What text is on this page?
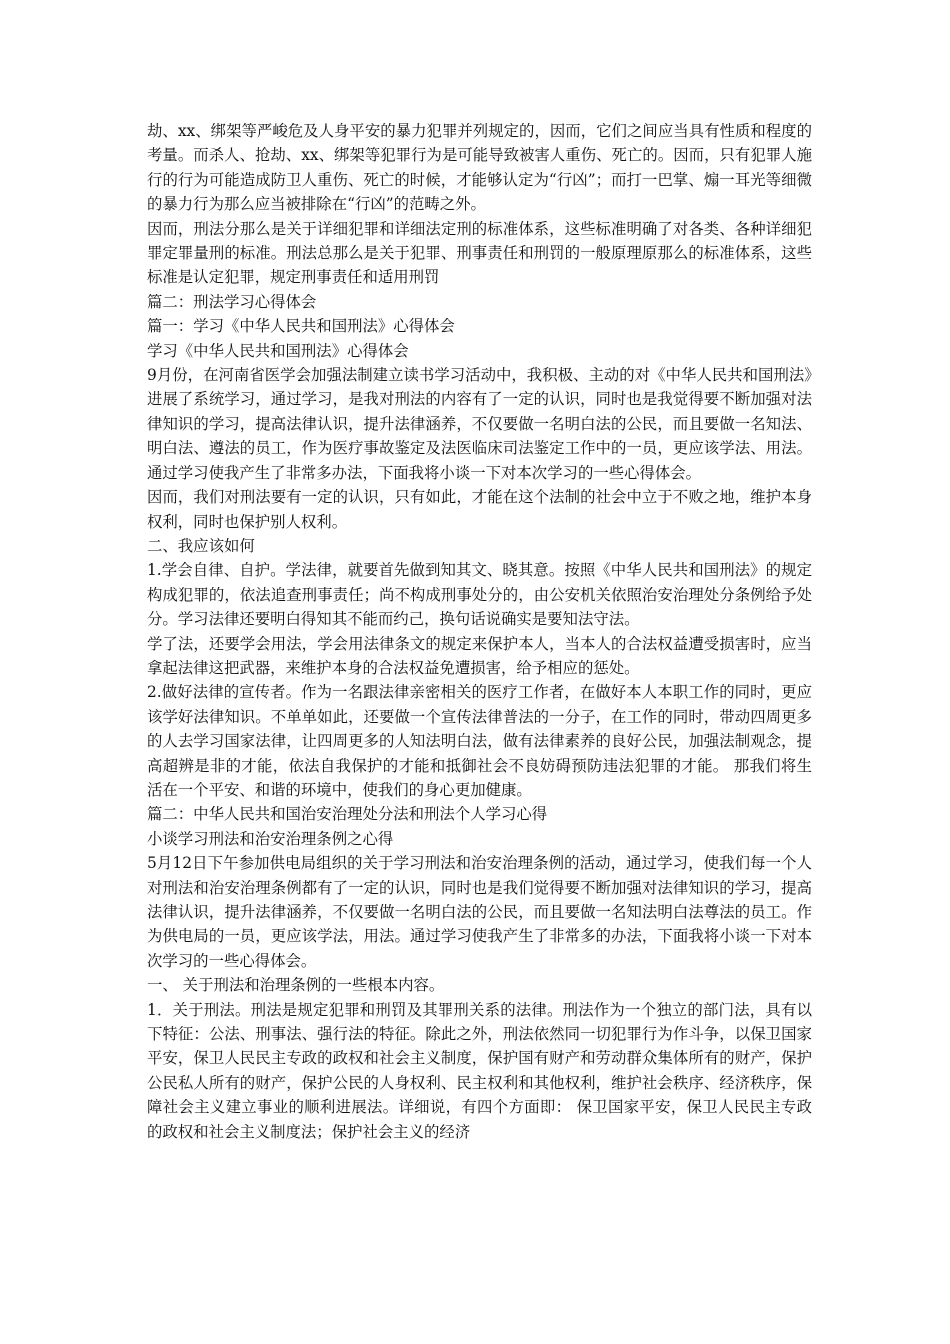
劫、xx、绑架等严峻危及人身平安的暴力犯罪并列规定的，因而，它们之间应当具有性质和程度的考量。而杀人、抢劫、xx、绑架等犯罪行为是可能导致被害人重伤、死亡的。因而，只有犯罪人施行的行为可能造成防卫人重伤、死亡的时候，才能够认定为“行凶”；而打一巴掌、煽一耳光等细微的暴力行为那么应当被排除在“行凶”的范畴之外。

因而，刑法分那么是关于详细犯罪和详细法定刑的标准体系，这些标准明确了对各类、各种详细犯罪定罪量刑的标准。刑法总那么是关于犯罪、刑事责任和刑罚的一般原理原那么的标准体系，这些标准是认定犯罪，规定刑事责任和适用刑罚

篇二：刑法学习心得体会

篇一：学习《中华人民共和国刑法》心得体会

学习《中华人民共和国刑法》心得体会

9月份，在河南省医学会加强法制建立读书学习活动中，我积极、主动的对《中华人民共和国刑法》进展了系统学习，通过学习，是我对刑法的内容有了一定的认识，同时也是我觉得要不断加强对法律知识的学习，提高法律认识，提升法律涵养，不仅要做一名明白法的公民，而且要做一名知法、明白法、遵法的员工，作为医疗事故鉴定及法医临床司法鉴定工作中的一员，更应该学法、用法。通过学习使我产生了非常多办法，下面我将小谈一下对本次学习的一些心得体会。

因而，我们对刑法要有一定的认识，只有如此，才能在这个法制的社会中立于不败之地，维护本身权利，同时也保护别人权利。

二、我应该如何

1.学会自律、自护。学法律，就要首先做到知其文、晓其意。按照《中华人民共和国刑法》的规定构成犯罪的，依法追查刑事责任；尚不构成刑事处分的，由公安机关依照治安治理处分条例给予处分。学习法律还要明白得知其不能而约己，换句话说确实是要知法守法。

学了法，还要学会用法，学会用法律条文的规定来保护本人，当本人的合法权益遭受损害时，应当拿起法律这把武器，来维护本身的合法权益免遭损害，给予相应的惩处。

2.做好法律的宣传者。作为一名跟法律亲密相关的医疗工作者，在做好本人本职工作的同时，更应该学好法律知识。不单单如此，还要做一个宣传法律普法的一分子，在工作的同时，带动四周更多的人去学习国家法律，让四周更多的人知法明白法，做有法律素养的良好公民，加强法制观念，提高超辨是非的才能，依法自我保护的才能和抵御社会不良妨碍预防违法犯罪的才能。 那我们将生活在一个平安、和谐的环境中，使我们的身心更加健康。

篇二：中华人民共和国治安治理处分法和刑法个人学习心得

小谈学习刑法和治安治理条例之心得

5月12日下午参加供电局组织的关于学习刑法和治安治理条例的活动，通过学习，使我们每一个人对刑法和治安治理条例都有了一定的认识，同时也是我们觉得要不断加强对法律知识的学习，提高法律认识，提升法律涵养，不仅要做一名明白法的公民，而且要做一名知法明白法尊法的员工。作为供电局的一员，更应该学法，用法。通过学习使我产生了非常多的办法，下面我将小谈一下对本次学习的一些心得体会。

一、 关于刑法和治理条例的一些根本内容。

1．关于刑法。刑法是规定犯罪和刑罚及其罪刑关系的法律。刑法作为一个独立的部门法，具有以下特征：公法、刑事法、强行法的特征。除此之外，刑法依然同一切犯罪行为作斗争，以保卫国家平安，保卫人民民主专政的政权和社会主义制度，保护国有财产和劳动群众集体所有的财产，保护公民私人所有的财产，保护公民的人身权利、民主权利和其他权利，维护社会秩序、经济秩序，保障社会主义建立事业的顺利进展法。详细说，有四个方面即： 保卫国家平安，保卫人民民主专政的政权和社会主义制度法；保护社会主义的经济
